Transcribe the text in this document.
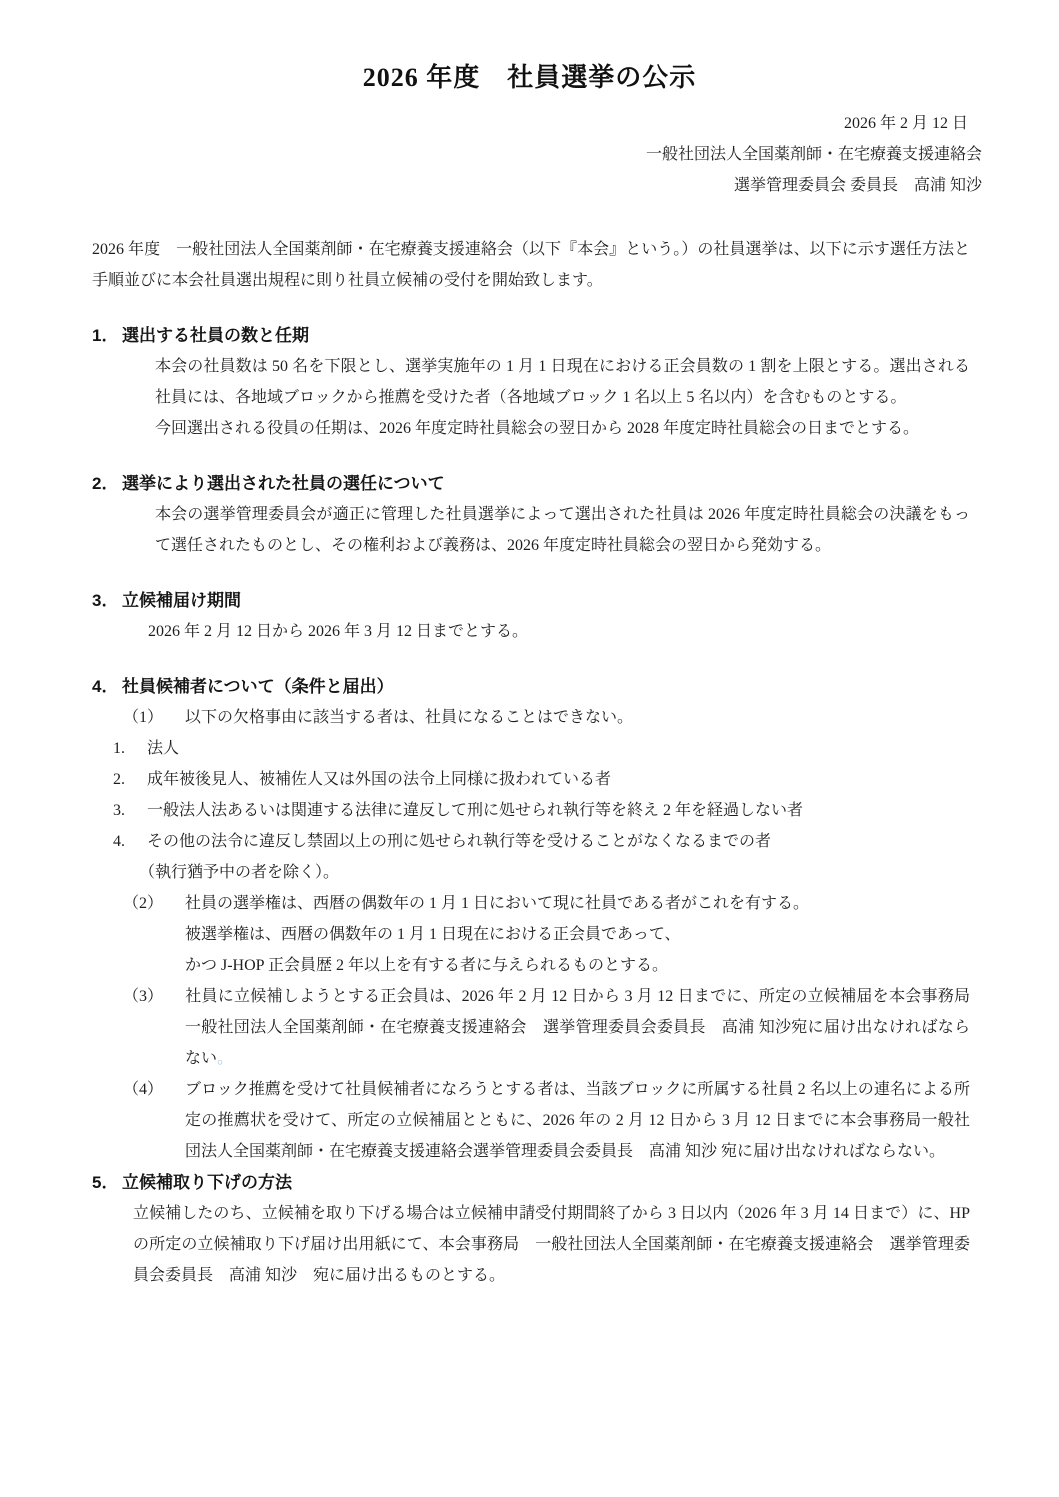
2026 年度　社員選挙の公示
2026 年 2 月 12 日
一般社団法人全国薬剤師・在宅療養支援連絡会
選挙管理委員会 委員長　高浦 知沙

2026 年度　一般社団法人全国薬剤師・在宅療養支援連絡会（以下『本会』という。）の社員選挙は、以下に示す選任方法と手順並びに本会社員選出規程に則り社員立候補の受付を開始致します。

1． 選出する社員の数と任期

本会の社員数は 50 名を下限とし、選挙実施年の 1 月 1 日現在における正会員数の 1 割を上限とする。選出される社員には、各地域ブロックから推薦を受けた者（各地域ブロック 1 名以上 5 名以内）を含むものとする。

今回選出される役員の任期は、2026 年度定時社員総会の翌日から 2028 年度定時社員総会の日までとする。

2． 選挙により選出された社員の選任について

本会の選挙管理委員会が適正に管理した社員選挙によって選出された社員は 2026 年度定時社員総会の決議をもって選任されたものとし、その権利および義務は、2026 年度定時社員総会の翌日から発効する。

3． 立候補届け期間

2026 年 2 月 12 日から 2026 年 3 月 12 日までとする。

4． 社員候補者について（条件と届出）
（1） 以下の欠格事由に該当する者は、社員になることはできない。
1. 法人
2. 成年被後見人、被補佐人又は外国の法令上同様に扱われている者
3. 一般法人法あるいは関連する法律に違反して刑に処せられ執行等を終え 2 年を経過しない者
4. その他の法令に違反し禁固以上の刑に処せられ執行等を受けることがなくなるまでの者
（執行猶予中の者を除く）。
（2） 社員の選挙権は、西暦の偶数年の 1 月 1 日において現に社員である者がこれを有する。
被選挙権は、西暦の偶数年の 1 月 1 日現在における正会員であって、
かつ J-HOP 正会員歴 2 年以上を有する者に与えられるものとする。
（3） 社員に立候補しようとする正会員は、2026 年 2 月 12 日から 3 月 12 日までに、所定の立候補届を本会事務局　一般社団法人全国薬剤師・在宅療養支援連絡会　選挙管理委員会委員長　高浦 知沙宛に届け出なければならない。
（4） ブロック推薦を受けて社員候補者になろうとする者は、当該ブロックに所属する社員 2 名以上の連名による所定の推薦状を受けて、所定の立候補届とともに、2026 年の 2 月 12 日から 3 月 12 日までに本会事務局一般社団法人全国薬剤師・在宅療養支援連絡会選挙管理委員会委員長　高浦 知沙 宛に届け出なければならない。
5． 立候補取り下げの方法

立候補したのち、立候補を取り下げる場合は立候補申請受付期間終了から 3 日以内（2026 年 3 月 14 日まで）に、HP の所定の立候補取り下げ届け出用紙にて、本会事務局　一般社団法人全国薬剤師・在宅療養支援連絡会　選挙管理委員会委員長　高浦 知沙　宛に届け出るものとする。
